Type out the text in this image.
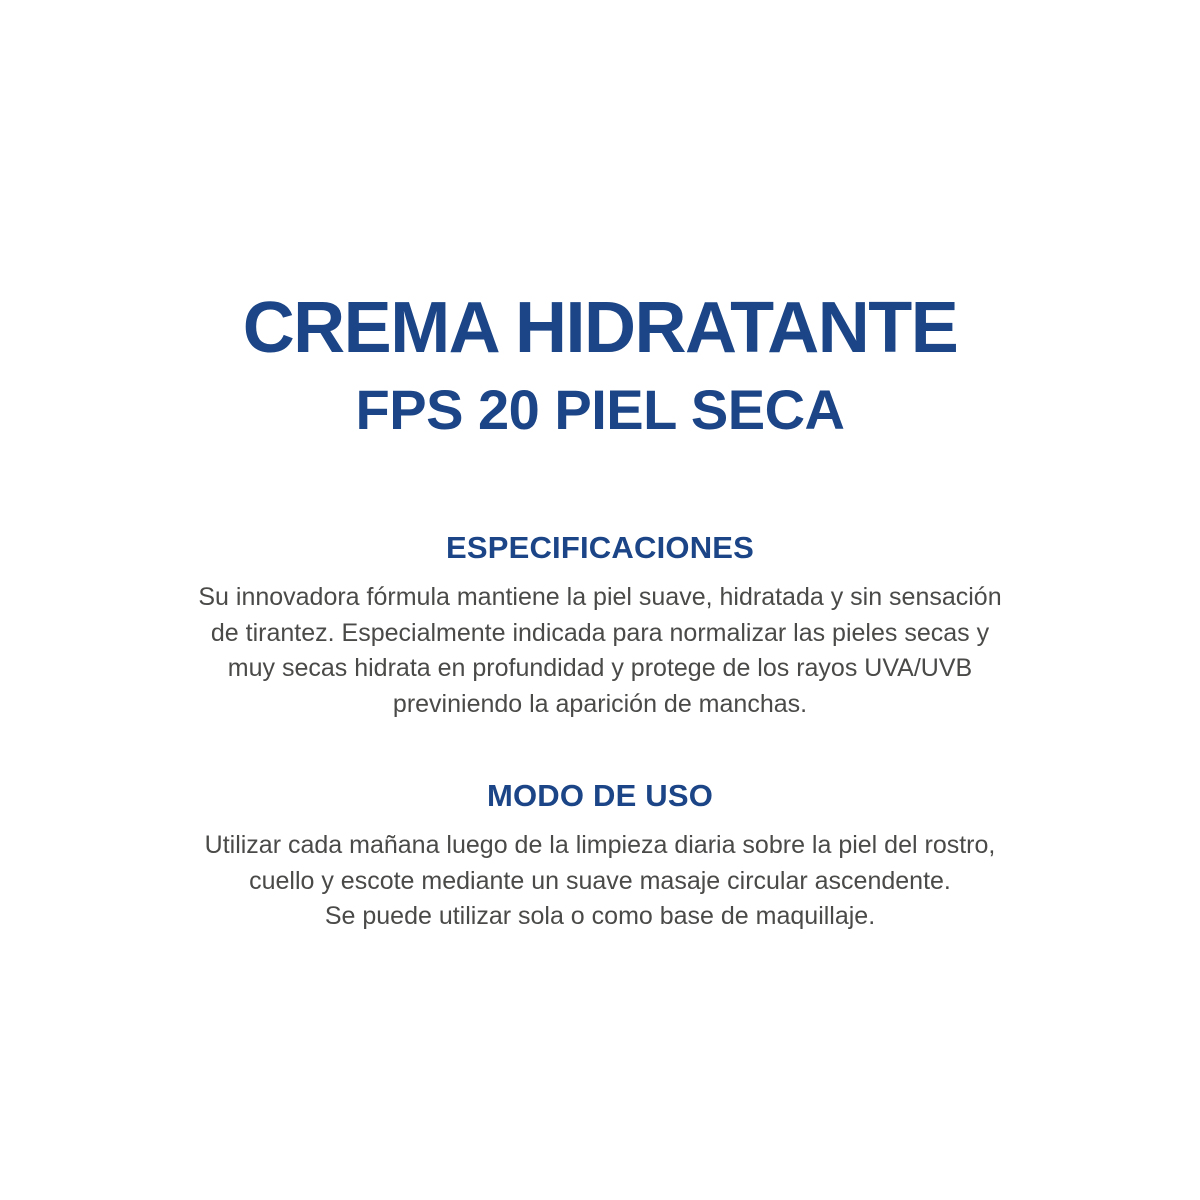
CREMA HIDRATANTE
FPS 20 PIEL SECA
ESPECIFICACIONES

Su innovadora fórmula mantiene la piel suave, hidratada y sin sensación
de tirantez. Especialmente indicada para normalizar las pieles secas y
muy secas hidrata en profundidad y protege de los rayos UVA/UVB
previniendo la aparición de manchas.

MODO DE USO

Utilizar cada mañana luego de la limpieza diaria sobre la piel del rostro,
cuello y escote mediante un suave masaje circular ascendente.
Se puede utilizar sola o como base de maquillaje.
